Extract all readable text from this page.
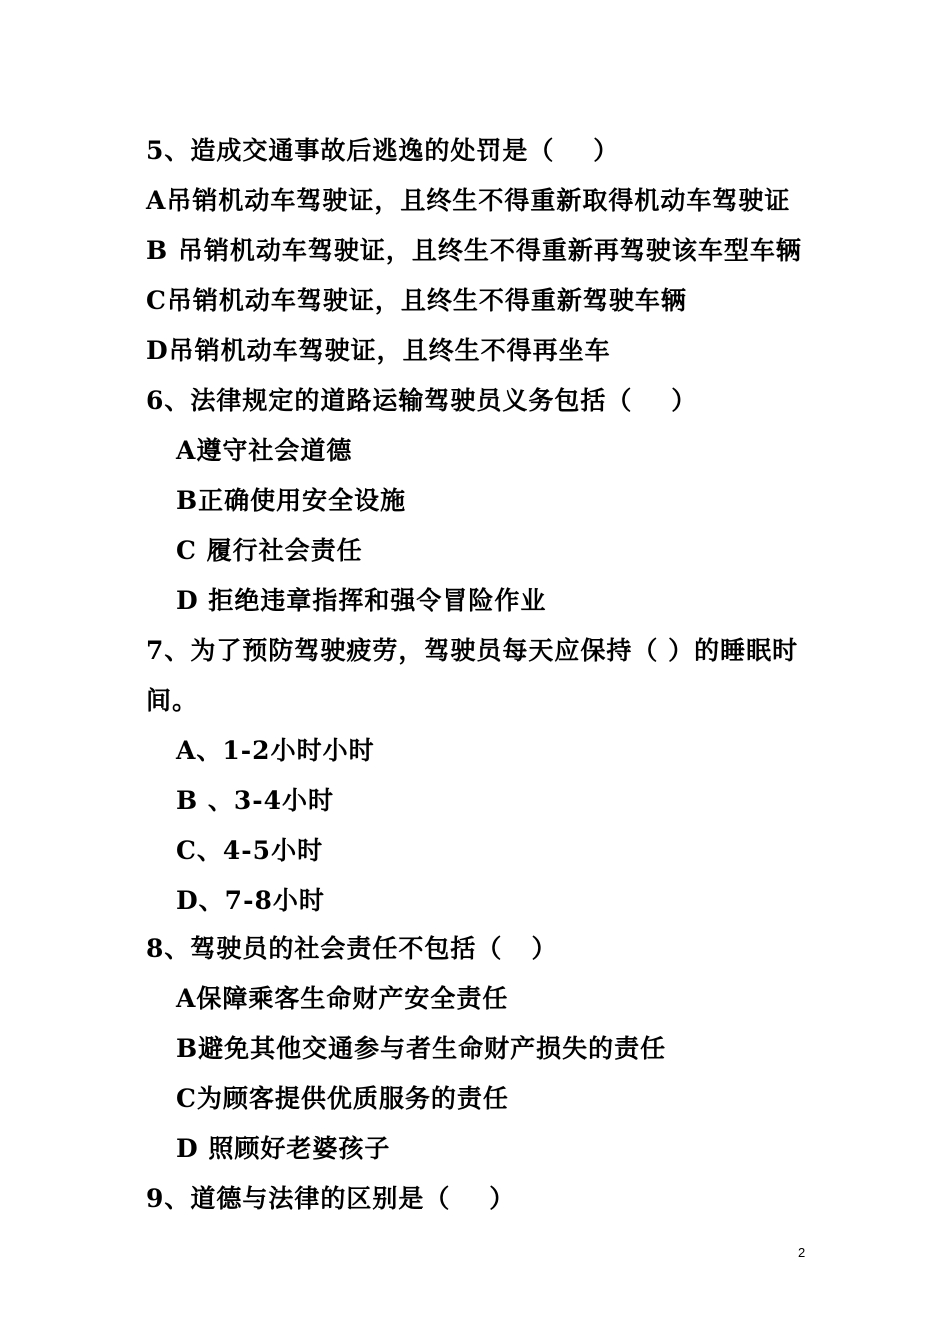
5、造成交通事故后逃逸的处罚是（    ）
A吊销机动车驾驶证，且终生不得重新取得机动车驾驶证
B 吊销机动车驾驶证，且终生不得重新再驾驶该车型车辆
C吊销机动车驾驶证，且终生不得重新驾驶车辆
D吊销机动车驾驶证，且终生不得再坐车
6、法律规定的道路运输驾驶员义务包括（    ）
A遵守社会道德
B正确使用安全设施
C 履行社会责任
D 拒绝违章指挥和强令冒险作业
7、为了预防驾驶疲劳，驾驶员每天应保持（ ）的睡眠时
间。
A、1-2小时小时
B 、3-4小时
C、4-5小时
D、7-8小时
8、驾驶员的社会责任不包括（   ）
A保障乘客生命财产安全责任
B避免其他交通参与者生命财产损失的责任
C为顾客提供优质服务的责任
D 照顾好老婆孩子
9、道德与法律的区别是（    ）
2
